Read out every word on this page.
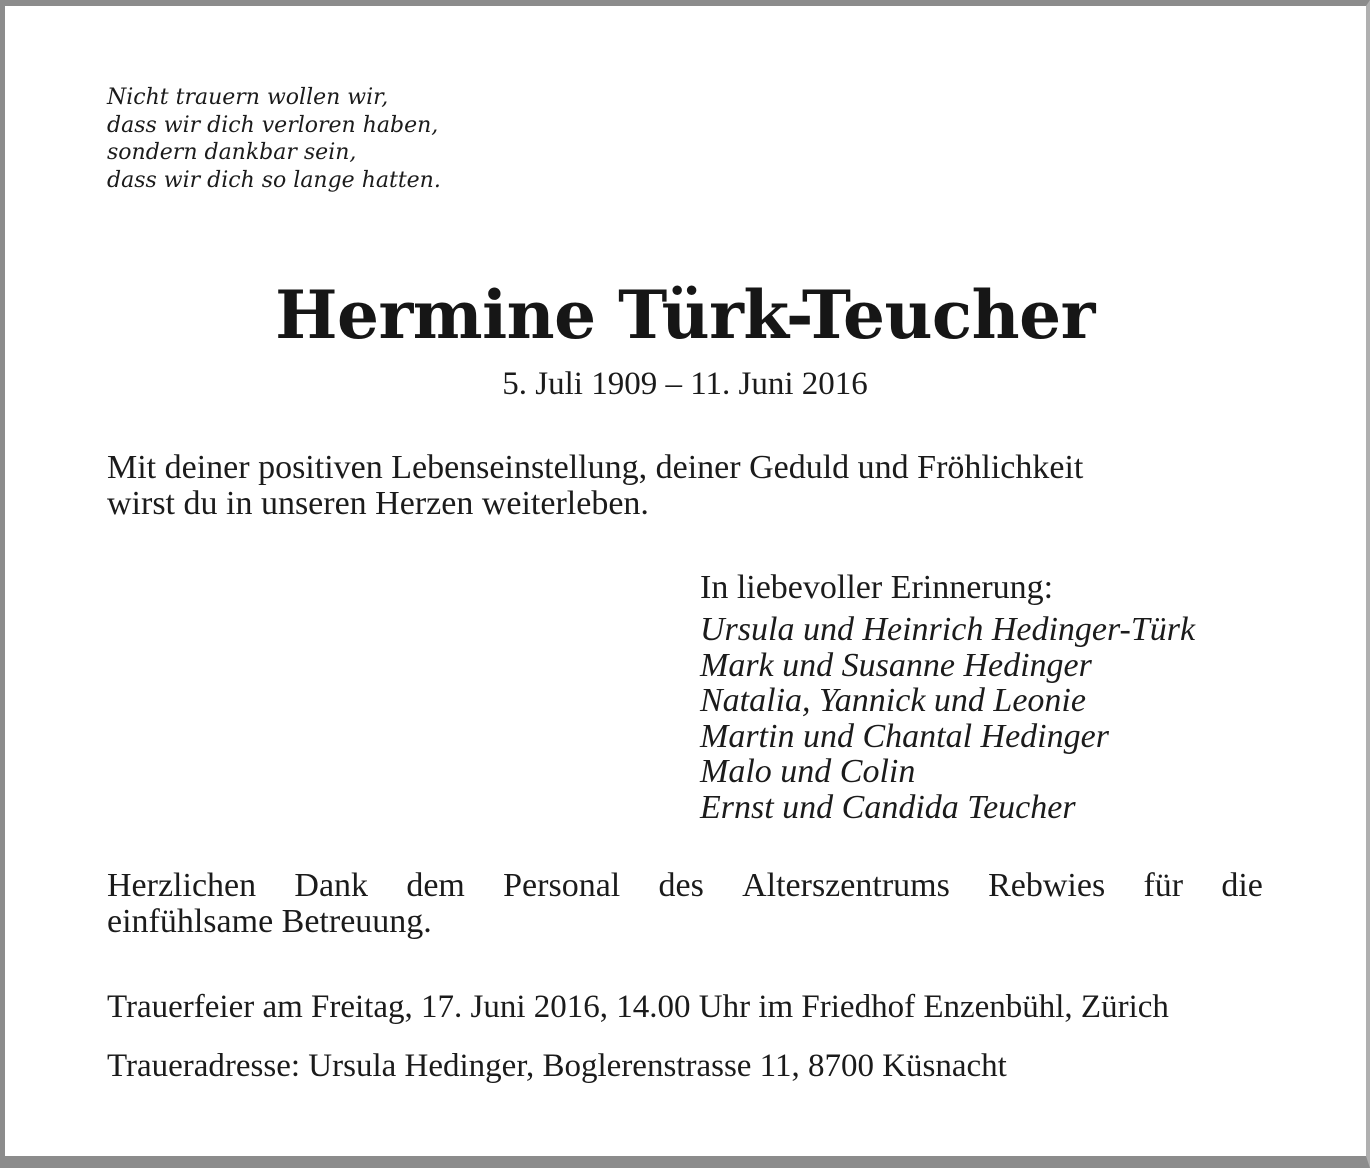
Nicht trauern wollen wir,
dass wir dich verloren haben,
sondern dankbar sein,
dass wir dich so lange hatten.
Hermine Türk-Teucher
5. Juli 1909 – 11. Juni 2016
Mit deiner positiven Lebenseinstellung, deiner Geduld und Fröhlichkeit
wirst du in unseren Herzen weiterleben.
In liebevoller Erinnerung:
Ursula und Heinrich Hedinger-Türk
Mark und Susanne Hedinger
Natalia, Yannick und Leonie
Martin und Chantal Hedinger
Malo und Colin
Ernst und Candida Teucher
Herzlichen Dank dem Personal des Alterszentrums Rebwies für die
einfühlsame Betreuung.
Trauerfeier am Freitag, 17. Juni 2016, 14.00 Uhr im Friedhof Enzenbühl, Zürich
Traueradresse: Ursula Hedinger, Boglerenstrasse 11, 8700 Küsnacht
